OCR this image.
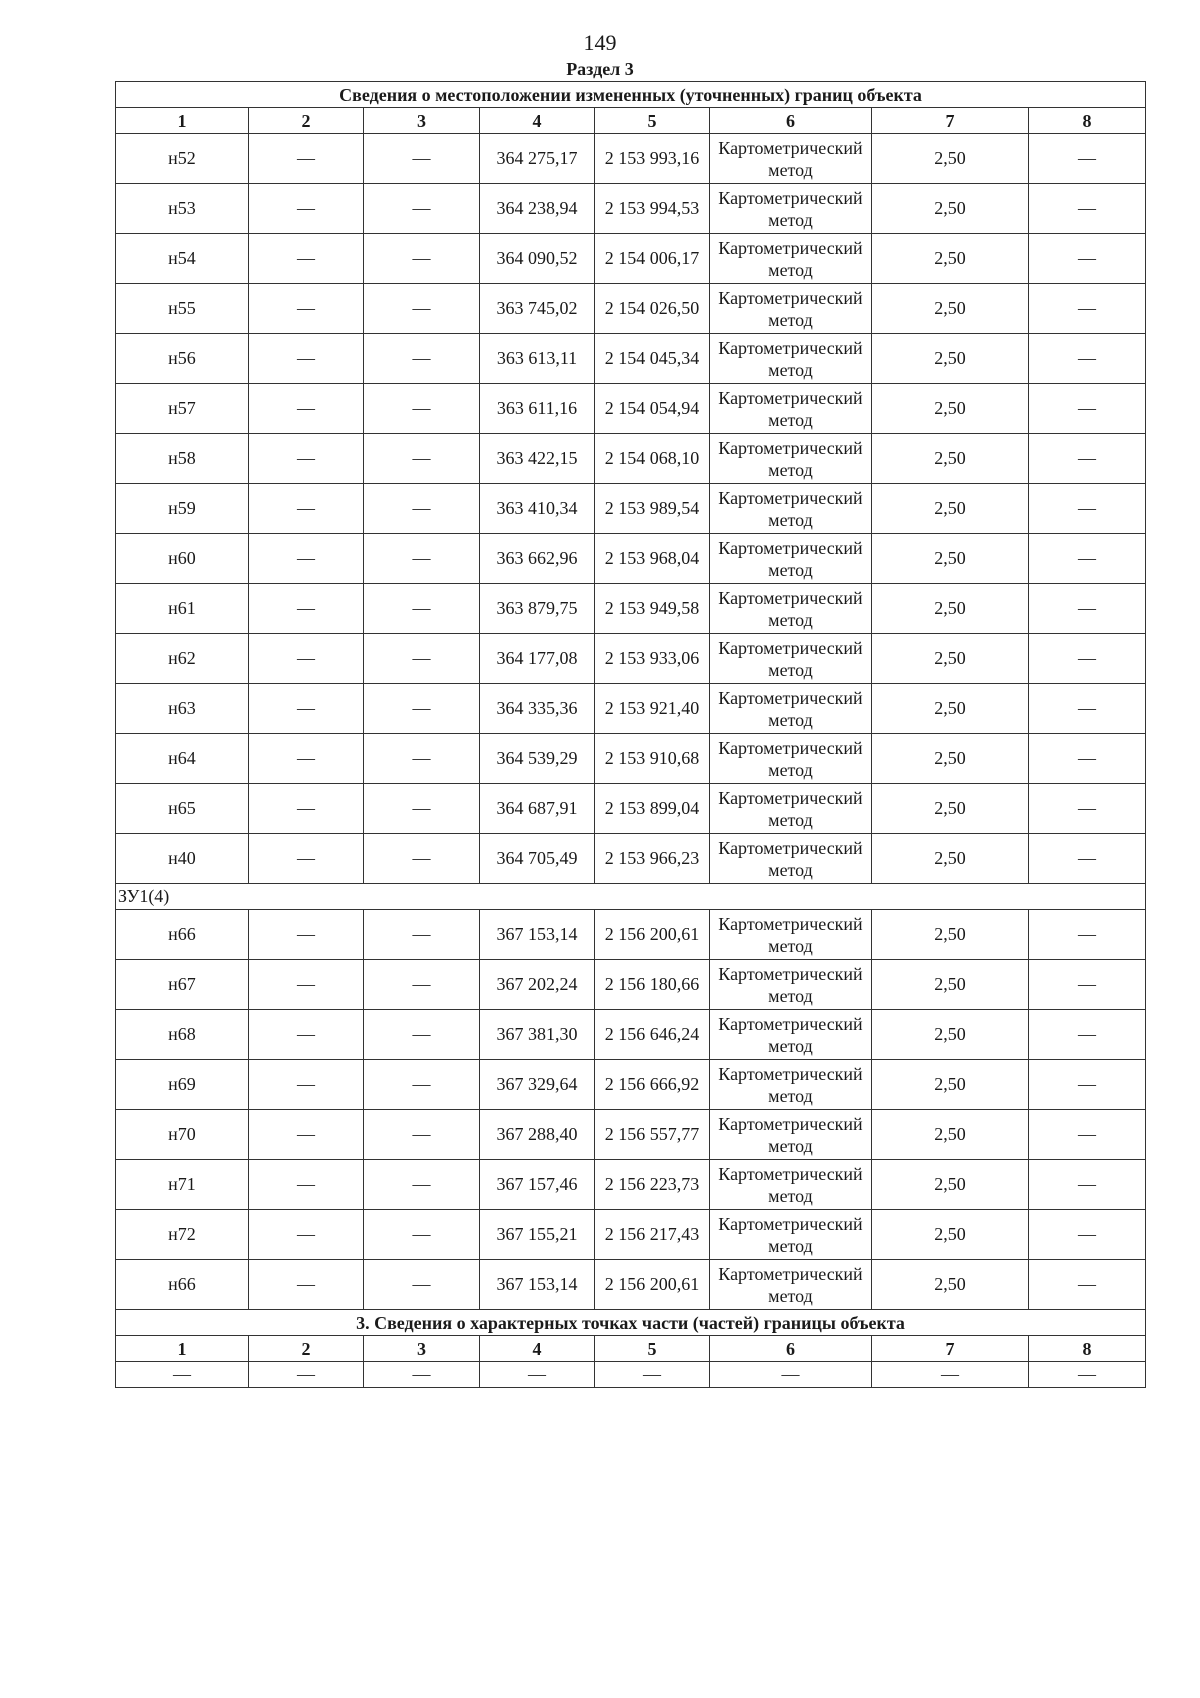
149
Раздел 3
Сведения о местоположении измененных (уточненных) границ объекта							
1	2	3	4	5	6	7	8
н52	—	—	364 275,17	2 153 993,16	Картометрический метод	2,50	—
н53	—	—	364 238,94	2 153 994,53	Картометрический метод	2,50	—
н54	—	—	364 090,52	2 154 006,17	Картометрический метод	2,50	—
н55	—	—	363 745,02	2 154 026,50	Картометрический метод	2,50	—
н56	—	—	363 613,11	2 154 045,34	Картометрический метод	2,50	—
н57	—	—	363 611,16	2 154 054,94	Картометрический метод	2,50	—
н58	—	—	363 422,15	2 154 068,10	Картометрический метод	2,50	—
н59	—	—	363 410,34	2 153 989,54	Картометрический метод	2,50	—
н60	—	—	363 662,96	2 153 968,04	Картометрический метод	2,50	—
н61	—	—	363 879,75	2 153 949,58	Картометрический метод	2,50	—
н62	—	—	364 177,08	2 153 933,06	Картометрический метод	2,50	—
н63	—	—	364 335,36	2 153 921,40	Картометрический метод	2,50	—
н64	—	—	364 539,29	2 153 910,68	Картометрический метод	2,50	—
н65	—	—	364 687,91	2 153 899,04	Картометрический метод	2,50	—
н40	—	—	364 705,49	2 153 966,23	Картометрический метод	2,50	—
ЗУ1(4)							
н66	—	—	367 153,14	2 156 200,61	Картометрический метод	2,50	—
н67	—	—	367 202,24	2 156 180,66	Картометрический метод	2,50	—
н68	—	—	367 381,30	2 156 646,24	Картометрический метод	2,50	—
н69	—	—	367 329,64	2 156 666,92	Картометрический метод	2,50	—
н70	—	—	367 288,40	2 156 557,77	Картометрический метод	2,50	—
н71	—	—	367 157,46	2 156 223,73	Картометрический метод	2,50	—
н72	—	—	367 155,21	2 156 217,43	Картометрический метод	2,50	—
н66	—	—	367 153,14	2 156 200,61	Картометрический метод	2,50	—
3. Сведения о характерных точках части (частей) границы объекта							
1	2	3	4	5	6	7	8
—	—	—	—	—	—	—	—
